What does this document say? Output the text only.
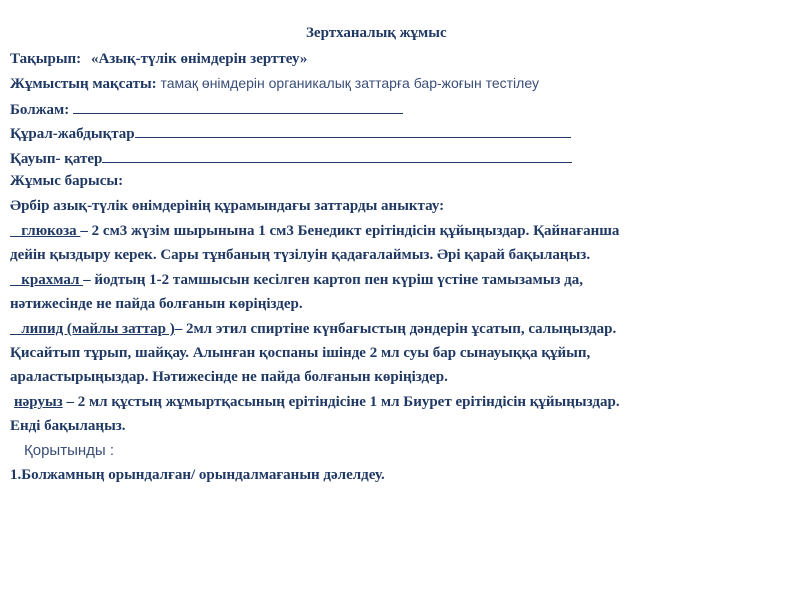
Зертханалық жұмыс
Тақырып: «Азық-түлік өнімдерін зерттеу»
Жұмыстың мақсаты: тамақ өнімдерін органикалық заттарға бар-жоғын тестілеу
Болжам:
Құрал-жабдықтар
Қауып- қатер
Жұмыс барысы:
Әрбір азық-түлік өнімдерінің құрамындағы заттарды аныктау:
глюкоза – 2 см3 жүзім шырынына 1 см3 Бенедикт ерітіндісін құйыңыздар. Қайнағанша
дейін қыздыру керек. Сары тұнбаның түзілуін қадағалаймыз. Әрі қарай бақылаңыз.
крахмал – йодтың 1-2 тамшысын кесілген картоп пен күріш үстіне тамызамыз да,
нәтижесінде не пайда болғанын көріңіздер.
липид (майлы заттар )– 2мл этил спиртіне күнбағыстың дәндерін ұсатып, салыңыздар.
Қисайтып тұрып, шайқау. Алынған қоспаны ішінде 2 мл суы бар сынауыққа құйып,
араластырыңыздар. Нәтижесінде не пайда болғанын көріңіздер.
нәруыз – 2 мл құстың жұмыртқасының ерітіндісіне 1 мл Биурет ерітіндісін құйыңыздар.
Енді бақылаңыз.
Қорытынды :
1.Болжамның орындалған/ орындалмағанын дәлелдеу.
